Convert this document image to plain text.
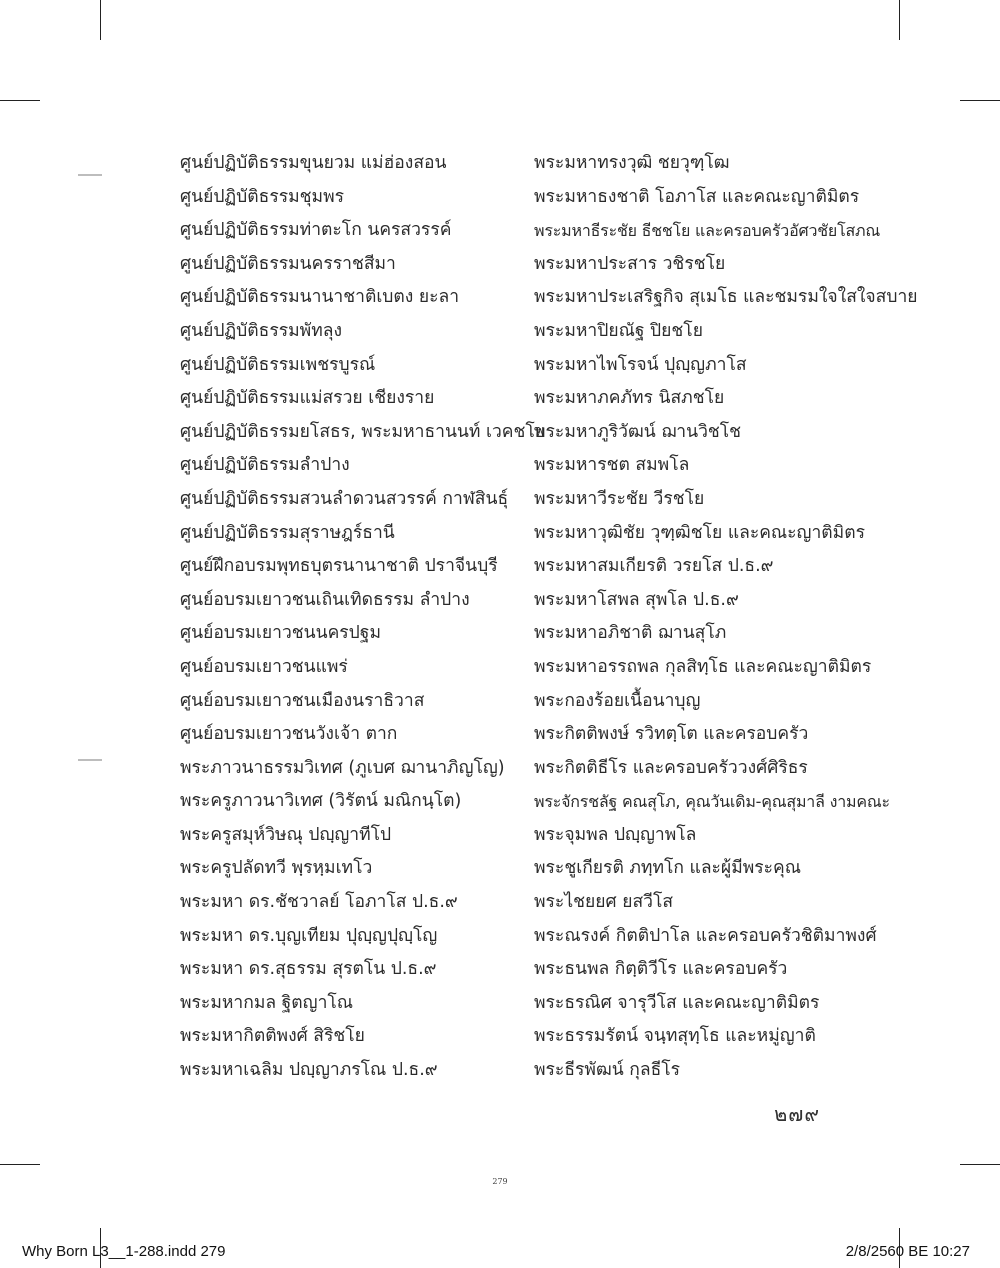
ศูนย์ปฏิบัติธรรมขุนยวม แม่ฮ่องสอน
ศูนย์ปฏิบัติธรรมชุมพร
ศูนย์ปฏิบัติธรรมท่าตะโก นครสวรรค์
ศูนย์ปฏิบัติธรรมนครราชสีมา
ศูนย์ปฏิบัติธรรมนานาชาติเบตง ยะลา
ศูนย์ปฏิบัติธรรมพัทลุง
ศูนย์ปฏิบัติธรรมเพชรบูรณ์
ศูนย์ปฏิบัติธรรมแม่สรวย เชียงราย
ศูนย์ปฏิบัติธรรมยโสธร, พระมหาธานนท์ เวคชโย
ศูนย์ปฏิบัติธรรมลำปาง
ศูนย์ปฏิบัติธรรมสวนลำดวนสวรรค์ กาฬสินธุ์
ศูนย์ปฏิบัติธรรมสุราษฎร์ธานี
ศูนย์ฝึกอบรมพุทธบุตรนานาชาติ ปราจีนบุรี
ศูนย์อบรมเยาวชนเถินเทิดธรรม ลำปาง
ศูนย์อบรมเยาวชนนครปฐม
ศูนย์อบรมเยาวชนแพร่
ศูนย์อบรมเยาวชนเมืองนราธิวาส
ศูนย์อบรมเยาวชนวังเจ้า ตาก
พระภาวนาธรรมวิเทศ (ภูเบศ ฌานาภิญโญ)
พระครูภาวนาวิเทศ (วิรัตน์ มณิกนฺโต)
พระครูสมุห์วิษณุ ปญฺญาทีโป
พระครูปลัดทวี พฺรหฺมเทโว
พระมหา ดร.ชัชวาลย์ โอภาโส ป.ธ.๙
พระมหา ดร.บุญเทียม ปุญฺญปุญฺโญ
พระมหา ดร.สุธรรม สุรตโน ป.ธ.๙
พระมหากมล ฐิตญาโณ
พระมหากิตติพงศ์ สิริชโย
พระมหาเฉลิม ปญฺญาภรโณ ป.ธ.๙
พระมหาทรงวุฒิ ชยวุฑฺโฒ
พระมหาธงชาติ โอภาโส และคณะญาติมิตร
พระมหาธีระชัย ธีชชโย และครอบครัวอัศวชัยโสภณ
พระมหาประสาร วชิรชโย
พระมหาประเสริฐกิจ สุเมโธ และชมรมใจใสใจสบาย
พระมหาปิยณัฐ ปิยชโย
พระมหาไพโรจน์ ปุญฺญภาโส
พระมหาภคภัทร นิสภชโย
พระมหาภูริวัฒน์ ฌานวิชโช
พระมหารชต สมพโล
พระมหาวีระชัย วีรชโย
พระมหาวุฒิชัย วุฑฺฒิชโย และคณะญาติมิตร
พระมหาสมเกียรติ วรยโส ป.ธ.๙
พระมหาโสพล สุพโล ป.ธ.๙
พระมหาอภิชาติ ฌานสุโภ
พระมหาอรรถพล กุลสิทฺโธ และคณะญาติมิตร
พระกองร้อยเนื้อนาบุญ
พระกิตติพงษ์ รวิทตฺโต และครอบครัว
พระกิตติธีโร และครอบครัววงศ์ศิริธร
พระจักรชลัฐ คณสุโภ, คุณวันเดิม-คุณสุมาลี งามคณะ
พระจุมพล ปญฺญาพโล
พระชูเกียรติ ภทฺทโก และผู้มีพระคุณ
พระไชยยศ ยสวีโส
พระณรงค์ กิตติปาโล และครอบครัวชิติมาพงศ์
พระธนพล กิตฺติวีโร และครอบครัว
พระธรณิศ จารุวีโส และคณะญาติมิตร
พระธรรมรัตน์ จนฺทสุทฺโธ และหมู่ญาติ
พระธีรพัฒน์ กุลธีโร
๒๗๙
279
Why Born L3__1-288.indd 279	2/8/2560 BE 10:27
